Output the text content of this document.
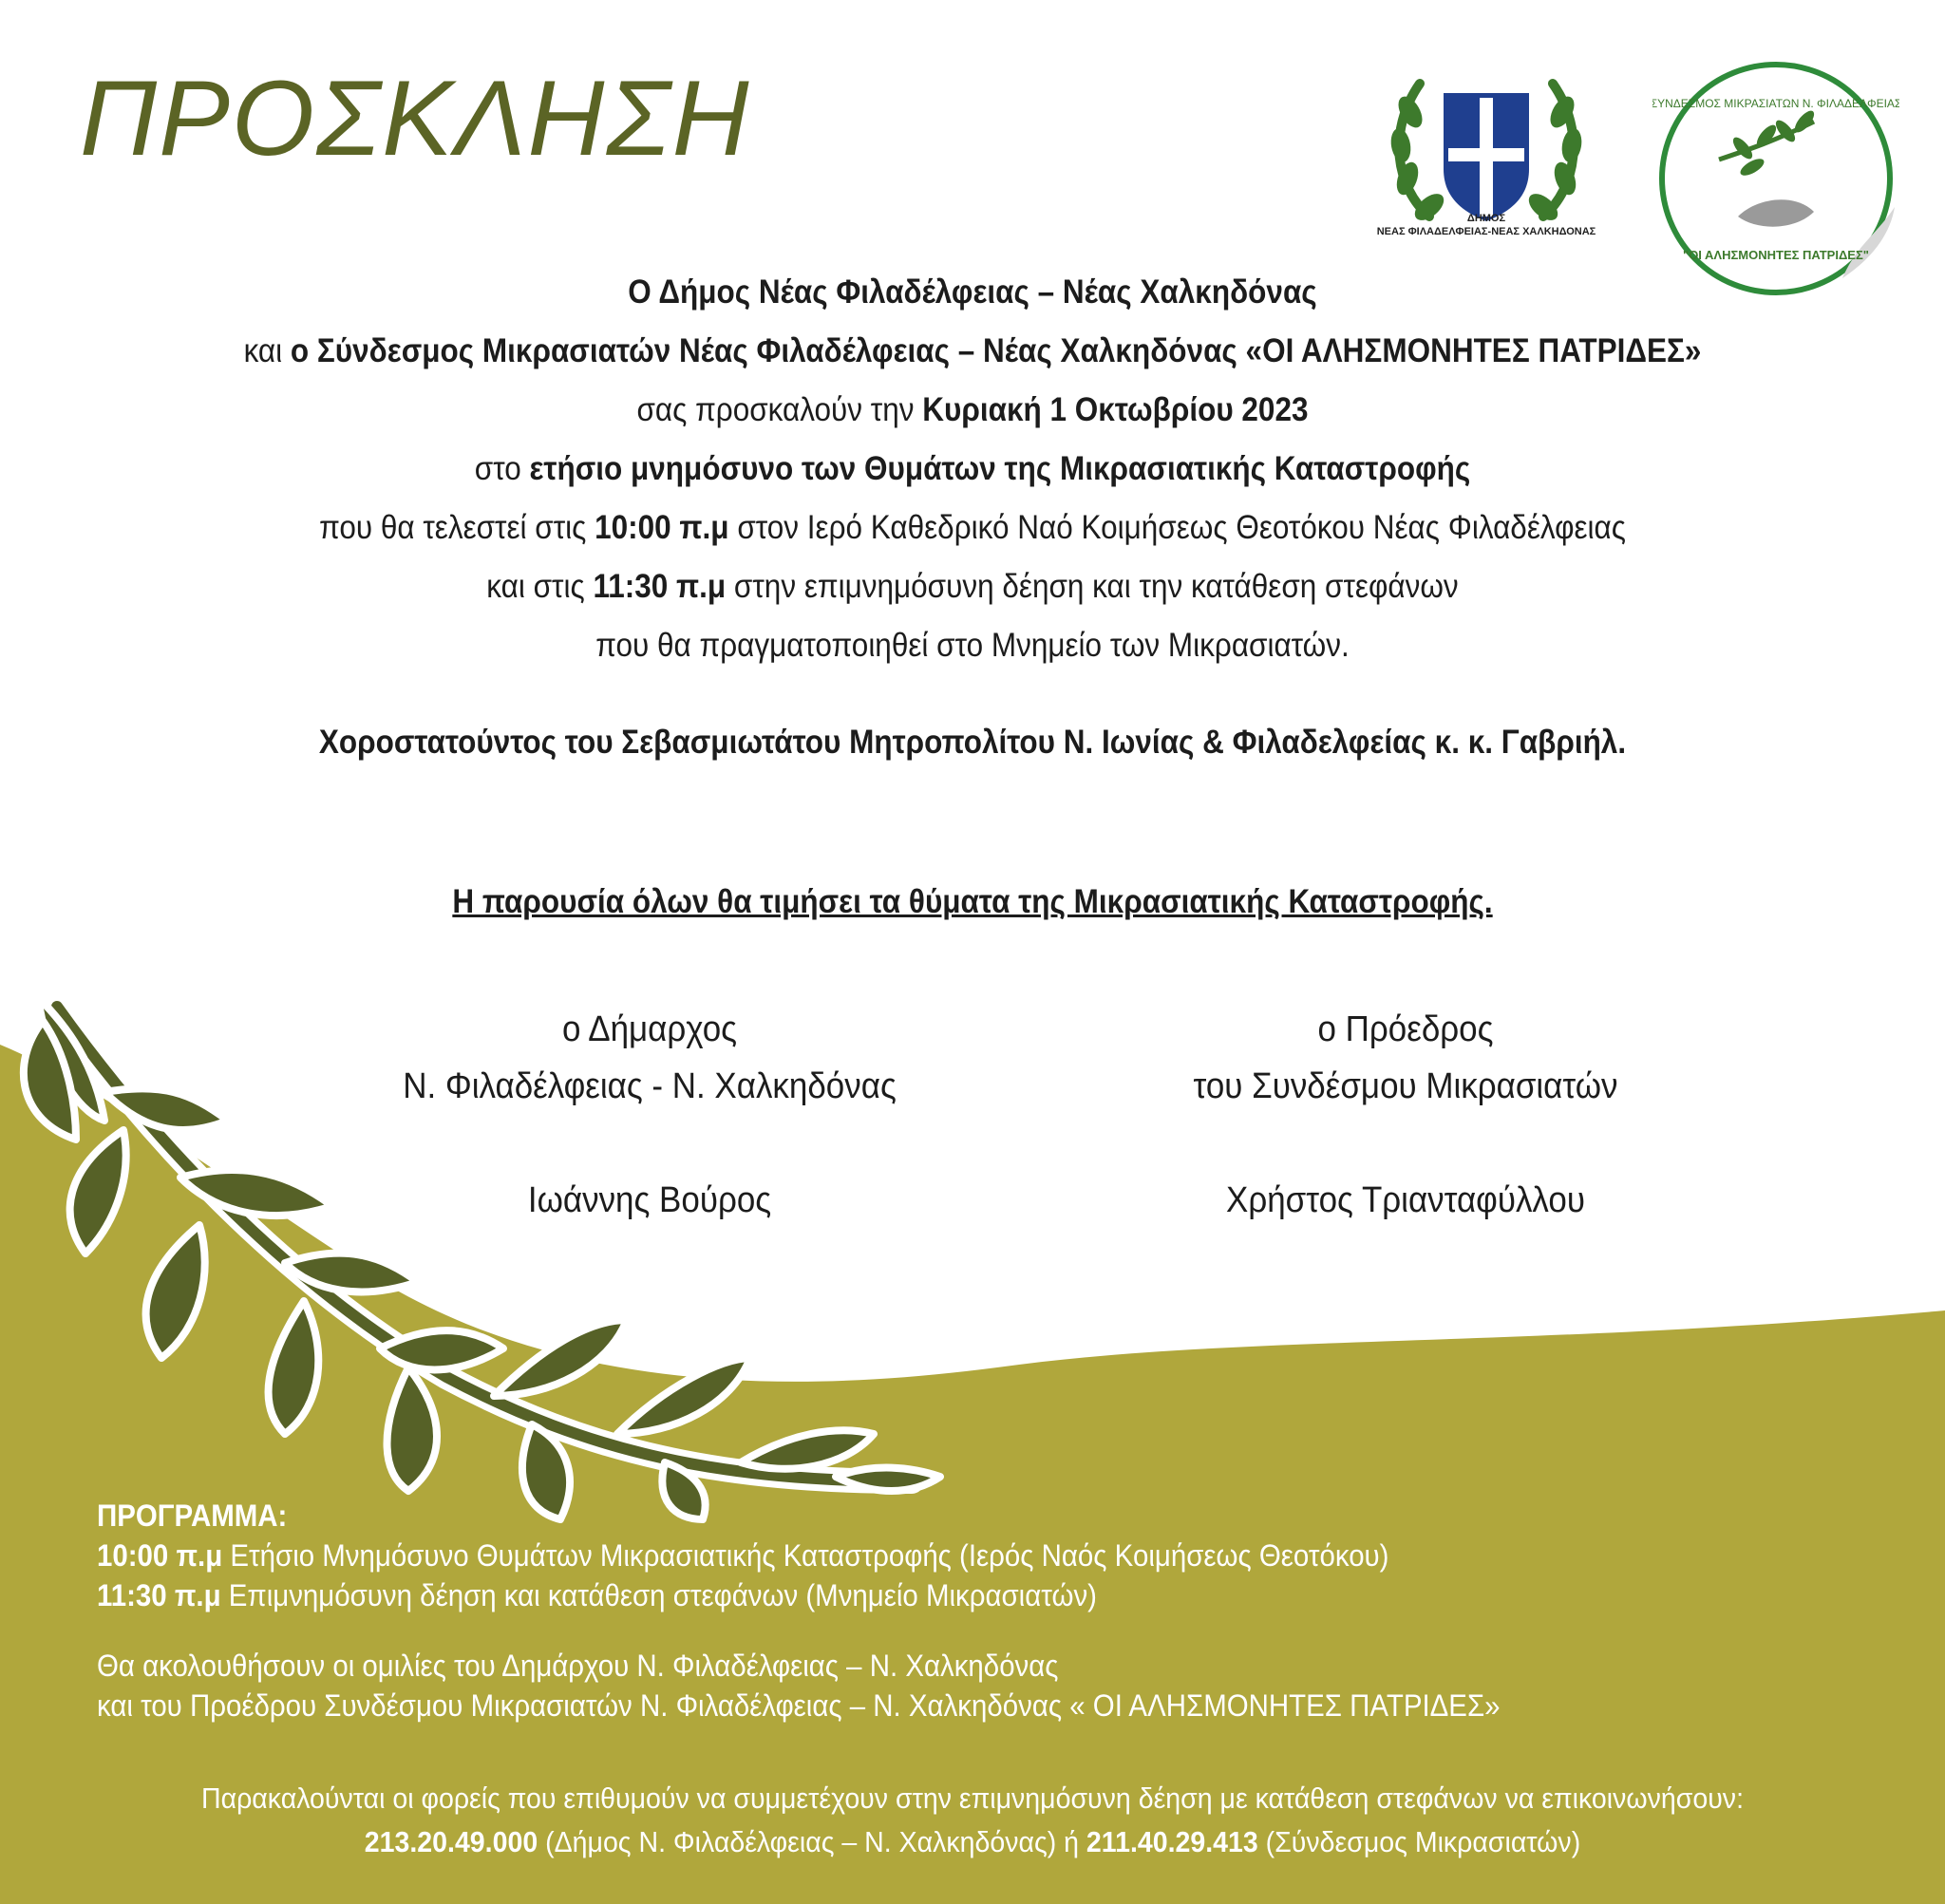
ΠΡΟΣΚΛΗΣΗ
ΔΗΜΟΣ
ΝΕΑΣ ΦΙΛΑΔΕΛΦΕΙΑΣ-ΝΕΑΣ ΧΑΛΚΗΔΟΝΑΣ
ΣΥΝΔΕΣΜΟΣ ΜΙΚΡΑΣΙΑΤΩΝ Ν. ΦΙΛΑΔΕΛΦΕΙΑΣ
"ΟΙ ΑΛΗΣΜΟΝΗΤΕΣ ΠΑΤΡΙΔΕΣ"
Ο Δήμος Νέας Φιλαδέλφειας – Νέας Χαλκηδόνας
και ο Σύνδεσμος Μικρασιατών Νέας Φιλαδέλφειας – Νέας Χαλκηδόνας «ΟΙ ΑΛΗΣΜΟΝΗΤΕΣ ΠΑΤΡΙΔΕΣ»
σας προσκαλούν την Κυριακή 1 Οκτωβρίου 2023
στο ετήσιο μνημόσυνο των Θυμάτων της Μικρασιατικής Καταστροφής
που θα τελεστεί στις 10:00 π.μ στον Ιερό Καθεδρικό Ναό Κοιμήσεως Θεοτόκου Νέας Φιλαδέλφειας
και στις 11:30 π.μ στην επιμνημόσυνη δέηση και την κατάθεση στεφάνων
που θα πραγματοποιηθεί στο Μνημείο των Μικρασιατών.
Χοροστατούντος του Σεβασμιωτάτου Μητροπολίτου Ν. Ιωνίας & Φιλαδελφείας κ. κ. Γαβριήλ.
Η παρουσία όλων θα τιμήσει τα θύματα της Μικρασιατικής Καταστροφής.
ο Δήμαρχος
Ν. Φιλαδέλφειας - Ν. Χαλκηδόνας
Ιωάννης Βούρος
ο Πρόεδρος
του Συνδέσμου Μικρασιατών
Χρήστος Τριανταφύλλου
ΠΡΟΓΡΑΜΜΑ:
10:00 π.μ Ετήσιο Μνημόσυνο Θυμάτων Μικρασιατικής Καταστροφής (Ιερός Ναός Κοιμήσεως Θεοτόκου)
11:30 π.μ Επιμνημόσυνη δέηση και κατάθεση στεφάνων (Μνημείο Μικρασιατών)
Θα ακολουθήσουν οι ομιλίες του Δημάρχου Ν. Φιλαδέλφειας – Ν. Χαλκηδόνας
και του Προέδρου Συνδέσμου Μικρασιατών Ν. Φιλαδέλφειας – Ν. Χαλκηδόνας « ΟΙ ΑΛΗΣΜΟΝΗΤΕΣ ΠΑΤΡΙΔΕΣ»
Παρακαλούνται οι φορείς που επιθυμούν να συμμετέχουν στην επιμνημόσυνη δέηση με κατάθεση στεφάνων να επικοινωνήσουν:
213.20.49.000 (Δήμος Ν. Φιλαδέλφειας – Ν. Χαλκηδόνας) ή 211.40.29.413 (Σύνδεσμος Μικρασιατών)
